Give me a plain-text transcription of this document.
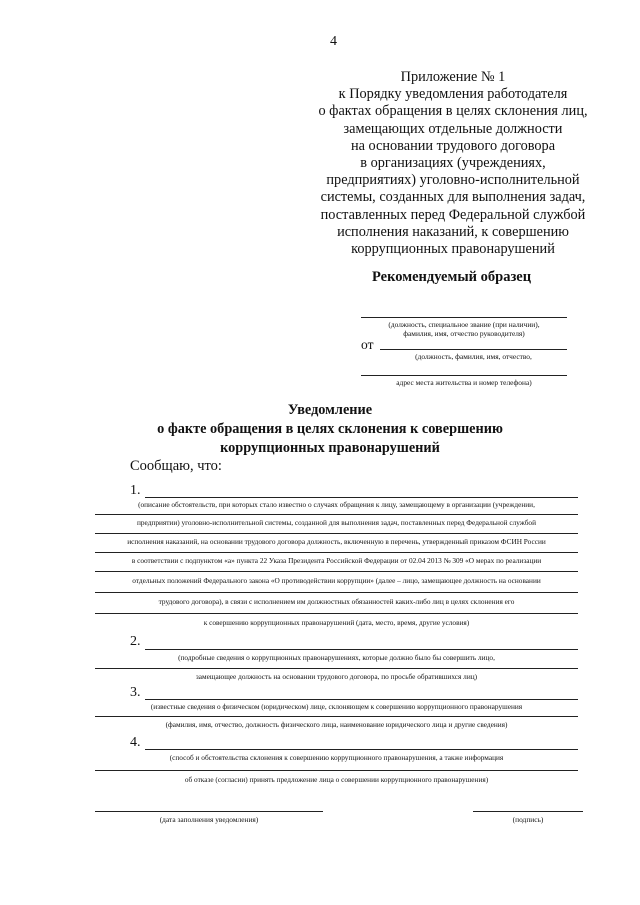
4
Приложение № 1
к Порядку уведомления работодателя
о фактах обращения в целях склонения лиц,
замещающих отдельные должности
на основании трудового договора
в организациях (учреждениях,
предприятиях) уголовно-исполнительной
системы, созданных для выполнения задач,
поставленных перед Федеральной службой
исполнения наказаний, к совершению
коррупционных правонарушений
Рекомендуемый образец
(должность, специальное звание (при наличии),
фамилия, имя, отчество руководителя)
от
(должность, фамилия, имя, отчество,
адрес места жительства и номер телефона)
Уведомление
о факте обращения в целях склонения к совершению
коррупционных правонарушений
Сообщаю, что:
1.
(описание обстоятельств, при которых стало известно о случаях обращения к лицу, замещающему в организации (учреждении,
предприятии) уголовно-исполнительной системы, созданной для выполнения задач, поставленных перед Федеральной службой
исполнения наказаний, на основании трудового договора должность, включенную в перечень, утвержденный приказом ФСИН России
в соответствии с подпунктом «а» пункта 22 Указа Президента Российской Федерации от 02.04 2013 № 309 «О мерах по реализации
отдельных положений Федерального закона «О противодействии коррупции» (далее – лицо, замещающее должность на основании
трудового договора), в связи с исполнением им должностных обязанностей каких-либо лиц в целях склонения его
к совершению коррупционных правонарушений (дата, место, время, другие условия)
2.
(подробные сведения о коррупционных правонарушениях, которые должно было бы совершить лицо,
замещающее должность на основании трудового договора, по просьбе обратившихся лиц)
3.
(известные сведения о физическом (юридическом) лице, склоняющем к совершению коррупционного правонарушения
(фамилия, имя, отчество, должность физического лица, наименование юридического лица и другие сведения)
4.
(способ и обстоятельства склонения к совершению коррупционного правонарушения, а также информация
об отказе (согласии) принять предложение лица о совершении коррупционного правонарушения)
(дата заполнения уведомления)	(подпись)
